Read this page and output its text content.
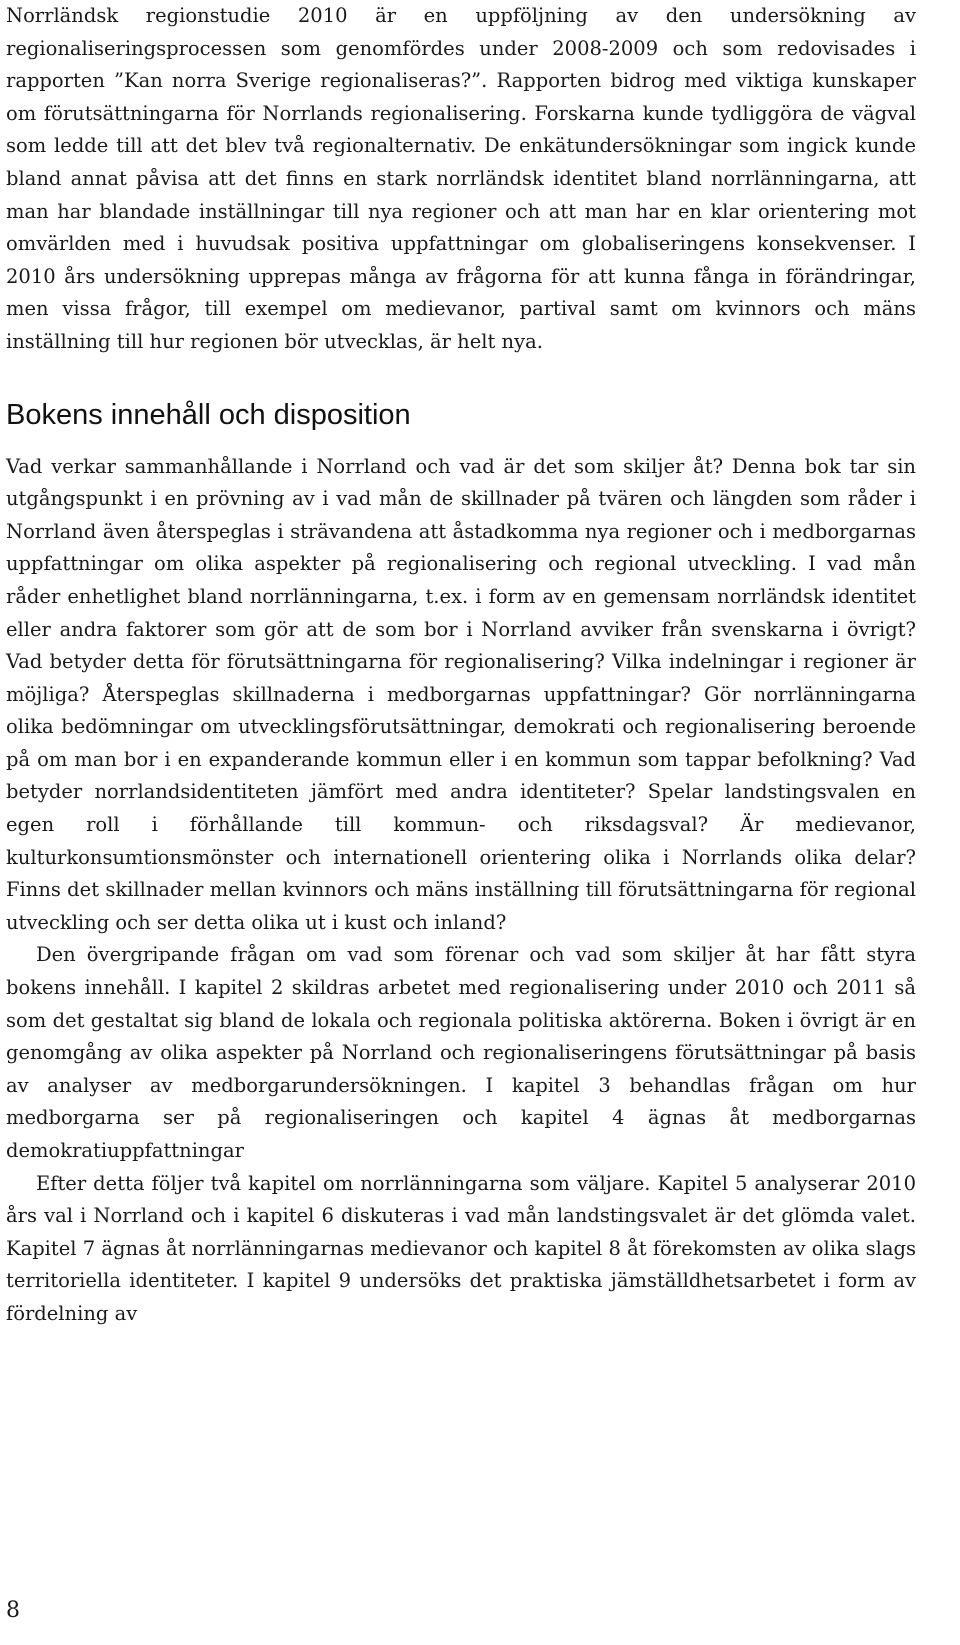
Norrländsk regionstudie 2010 är en uppföljning av den undersökning av regionaliseringsprocessen som genomfördes under 2008-2009 och som redovisades i rapporten ”Kan norra Sverige regionaliseras?”. Rapporten bidrog med viktiga kunskaper om förutsättningarna för Norrlands regionalisering. Forskarna kunde tydliggöra de vägval som ledde till att det blev två regionalternativ. De enkätundersökningar som ingick kunde bland annat påvisa att det finns en stark norrländsk identitet bland norrlänningarna, att man har blandade inställningar till nya regioner och att man har en klar orientering mot omvärlden med i huvudsak positiva uppfattningar om globaliseringens konsekvenser. I 2010 års undersökning upprepas många av frågorna för att kunna fånga in förändringar, men vissa frågor, till exempel om medievanor, partival samt om kvinnors och mäns inställning till hur regionen bör utvecklas, är helt nya.

Bokens innehåll och disposition

Vad verkar sammanhållande i Norrland och vad är det som skiljer åt? Denna bok tar sin utgångspunkt i en prövning av i vad mån de skillnader på tvären och längden som råder i Norrland även återspeglas i strävandena att åstadkomma nya regioner och i medborgarnas uppfattningar om olika aspekter på regionalisering och regional utveckling. I vad mån råder enhetlighet bland norrlänningarna, t.ex. i form av en gemensam norrländsk identitet eller andra faktorer som gör att de som bor i Norrland avviker från svenskarna i övrigt? Vad betyder detta för förutsättningarna för regionalisering? Vilka indelningar i regioner är möjliga? Återspeglas skillnaderna i medborgarnas uppfattningar? Gör norrlänningarna olika bedömningar om utvecklingsförutsättningar, demokrati och regionalisering beroende på om man bor i en expanderande kommun eller i en kommun som tappar befolkning? Vad betyder norrlandsidentiteten jämfört med andra identiteter? Spelar landstingsvalen en egen roll i förhållande till kommun- och riksdagsval? Är medievanor, kulturkonsumtionsmönster och internationell orientering olika i Norrlands olika delar? Finns det skillnader mellan kvinnors och mäns inställning till förutsättningarna för regional utveckling och ser detta olika ut i kust och inland?

Den övergripande frågan om vad som förenar och vad som skiljer åt har fått styra bokens innehåll. I kapitel 2 skildras arbetet med regionalisering under 2010 och 2011 så som det gestaltat sig bland de lokala och regionala politiska aktörerna. Boken i övrigt är en genomgång av olika aspekter på Norrland och regionaliseringens förutsättningar på basis av analyser av medborgarundersökningen. I kapitel 3 behandlas frågan om hur medborgarna ser på regionaliseringen och kapitel 4 ägnas åt medborgarnas demokratiuppfattningar

Efter detta följer två kapitel om norrlänningarna som väljare. Kapitel 5 analyserar 2010 års val i Norrland och i kapitel 6 diskuteras i vad mån landstingsvalet är det glömda valet. Kapitel 7 ägnas åt norrlänningarnas medievanor och kapitel 8 åt förekomsten av olika slags territoriella identiteter. I kapitel 9 undersöks det praktiska jämställdhetsarbetet i form av fördelning av

8
